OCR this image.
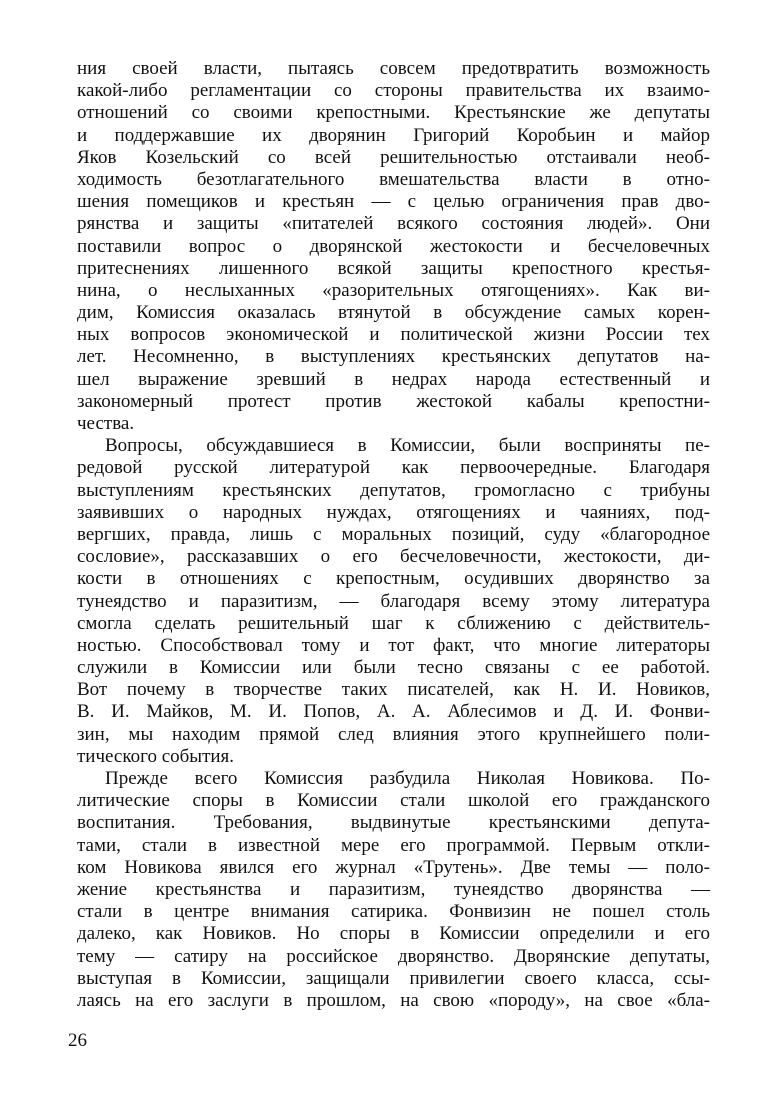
ния своей власти, пытаясь совсем предотвратить возможность
какой-либо регламентации со стороны правительства их взаимо-
отношений со своими крепостными. Крестьянские же депутаты
и поддержавшие их дворянин Григорий Коробьин и майор
Яков Козельский со всей решительностью отстаивали необ-
ходимость безотлагательного вмешательства власти в отно-
шения помещиков и крестьян — с целью ограничения прав дво-
рянства и защиты «питателей всякого состояния людей». Они
поставили вопрос о дворянской жестокости и бесчеловечных
притеснениях лишенного всякой защиты крепостного крестья-
нина, о неслыханных «разорительных отягощениях». Как ви-
дим, Комиссия оказалась втянутой в обсуждение самых корен-
ных вопросов экономической и политической жизни России тех
лет. Несомненно, в выступлениях крестьянских депутатов на-
шел выражение зревший в недрах народа естественный и
закономерный протест против жестокой кабалы крепостни-
чества.
Вопросы, обсуждавшиеся в Комиссии, были восприняты пе-
редовой русской литературой как первоочередные. Благодаря
выступлениям крестьянских депутатов, громогласно с трибуны
заявивших о народных нуждах, отягощениях и чаяниях, под-
вергших, правда, лишь с моральных позиций, суду «благородное
сословие», рассказавших о его бесчеловечности, жестокости, ди-
кости в отношениях с крепостным, осудивших дворянство за
тунеядство и паразитизм, — благодаря всему этому литература
смогла сделать решительный шаг к сближению с действитель-
ностью. Способствовал тому и тот факт, что многие литераторы
служили в Комиссии или были тесно связаны с ее работой.
Вот почему в творчестве таких писателей, как Н. И. Новиков,
В. И. Майков, М. И. Попов, А. А. Аблесимов и Д. И. Фонви-
зин, мы находим прямой след влияния этого крупнейшего поли-
тического события.
Прежде всего Комиссия разбудила Николая Новикова. По-
литические споры в Комиссии стали школой его гражданского
воспитания. Требования, выдвинутые крестьянскими депута-
тами, стали в известной мере его программой. Первым откли-
ком Новикова явился его журнал «Трутень». Две темы — поло-
жение крестьянства и паразитизм, тунеядство дворянства —
стали в центре внимания сатирика. Фонвизин не пошел столь
далеко, как Новиков. Но споры в Комиссии определили и его
тему — сатиру на российское дворянство. Дворянские депутаты,
выступая в Комиссии, защищали привилегии своего класса, ссы-
лаясь на его заслуги в прошлом, на свою «породу», на свое «бла-
26
